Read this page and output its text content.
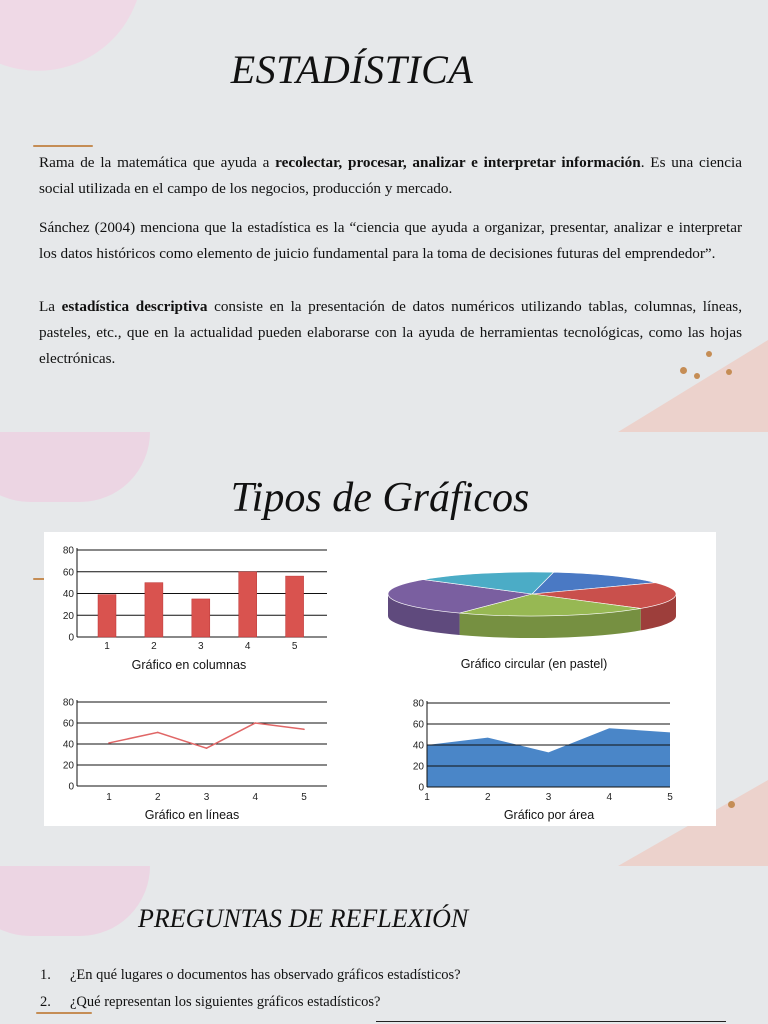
ESTADÍSTICA

Rama de la matemática que ayuda a recolectar, procesar, analizar e interpretar información. Es una ciencia social utilizada en el campo de los negocios, producción y mercado.

Sánchez (2004) menciona que la estadística es la “ciencia que ayuda a organizar, presentar, analizar e interpretar los datos históricos como elemento de juicio fundamental para la toma de decisiones futuras del emprendedor”.

La estadística descriptiva consiste en la presentación de datos numéricos utilizando tablas, columnas, líneas, pasteles, etc., que en la actualidad pueden elaborarse con la ayuda de herramientas tecnológicas, como las hojas electrónicas.

Tipos de Gráficos
0
20
40
60
80
1	2	3	4	5
Gráfico en columnas
0
20
40
60
80
1	2	3	4	5
Gráfico en líneas
0
20
40
60
80
1	2	3	4	5
Gráfico por área
Gráfico circular (en pastel)
PREGUNTAS DE REFLEXIÓN
1.	¿En qué lugares o documentos has observado gráficos estadísticos?
2.	¿Qué representan los siguientes gráficos estadísticos?
